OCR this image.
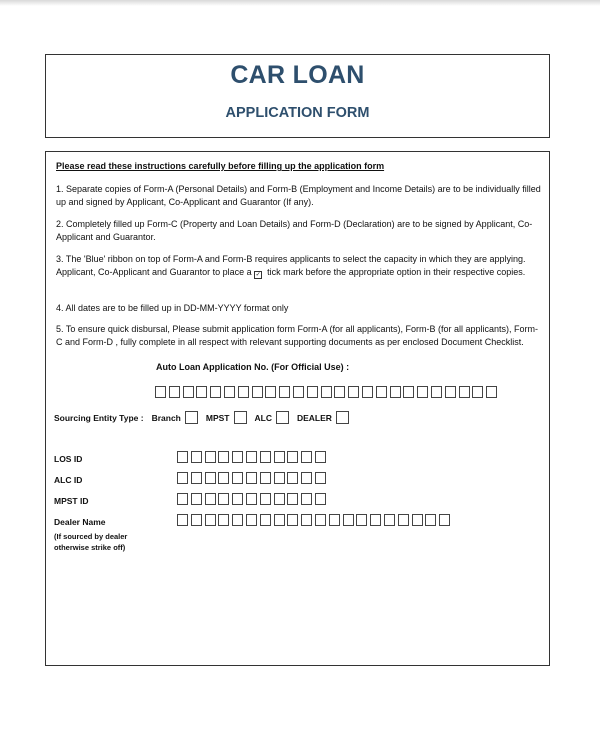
CAR LOAN
APPLICATION FORM
Please read these instructions carefully before filling up the application form
1. Separate copies of Form-A (Personal Details) and Form-B (Employment and Income Details) are to be individually filled up and signed by Applicant, Co-Applicant and Guarantor (If any).
2. Completely filled up Form-C (Property and Loan Details) and Form-D (Declaration) are to be signed by Applicant, Co-Applicant and Guarantor.
3. The 'Blue' ribbon on top of Form-A and Form-B requires applicants to select the capacity in which they are applying. Applicant, Co-Applicant and Guarantor to place a ✓ tick mark before the appropriate option in their respective copies.
4. All dates are to be filled up in DD-MM-YYYY format only
5. To ensure quick disbursal, Please submit application form Form-A (for all applicants), Form-B (for all applicants), Form-C and Form-D , fully complete in all respect with relevant supporting documents as per enclosed Document Checklist.
Auto Loan Application No. (For Official Use) :
Sourcing Entity Type : Branch	MPST	ALC	DEALER
LOS ID
ALC ID
MPST ID
Dealer Name
(If sourced by dealer
otherwise strike off)
